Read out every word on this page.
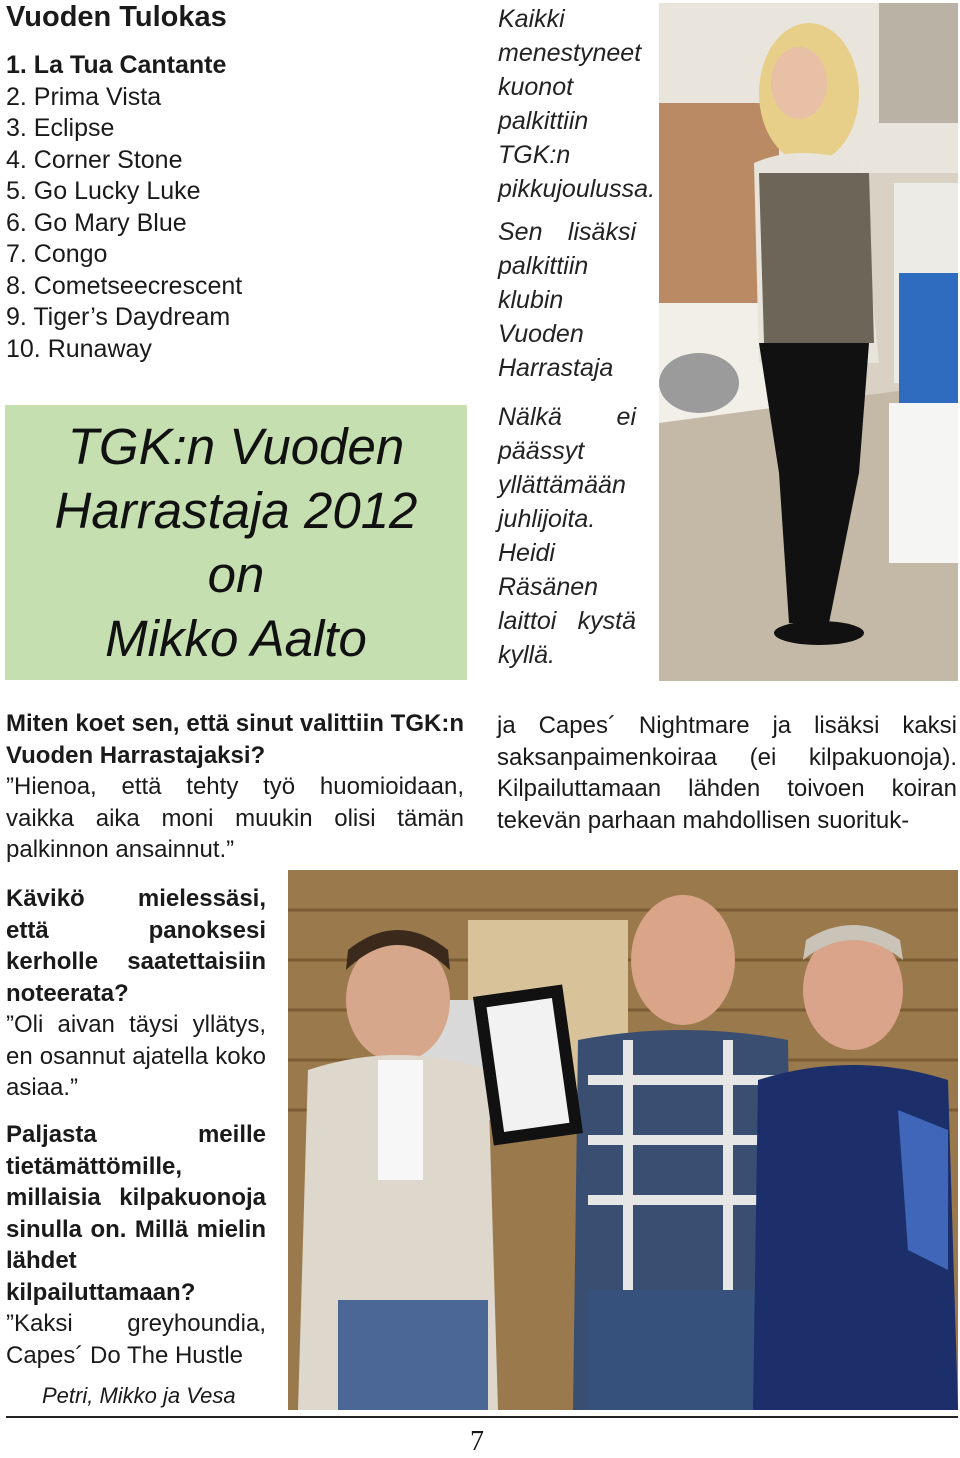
Vuoden Tulokas
1. La Tua Cantante
2. Prima Vista
3. Eclipse
4. Corner Stone
5. Go Lucky Luke
6. Go Mary Blue
7. Congo
8. Cometseecrescent
9. Tiger’s Daydream
10. Runaway
TGK:n Vuoden
Harrastaja 2012
on
Mikko Aalto
Kaikki menestyneet kuonot palkittiin TGK:n pikkujoulussa.
Sen lisäksi palkittiin klubin Vuoden Harrastaja
Nälkä ei päässyt yllättämään juhlijoita. Heidi Räsänen laittoi kystä kyllä.
Miten koet sen, että sinut valittiin TGK:n Vuoden Harrastajaksi?
”Hienoa, että tehty työ huomioidaan, vaikka aika moni muukin olisi tämän palkinnon ansainnut.”
ja Capes´ Nightmare ja lisäksi kaksi saksanpaimenkoiraa (ei kilpakuonoja). Kilpailuttamaan lähden toivoen koiran tekevän parhaan mahdollisen suorituk-
Kävikö mielessäsi, että panoksesi kerholle saatettaisiin noteerata?
”Oli aivan täysi yllätys, en osannut ajatella koko asiaa.”
Paljasta meille tietämättömille, millaisia kilpakuonoja sinulla on. Millä mielin lähdet kilpailuttamaan?
”Kaksi greyhoundia, Capes´ Do The Hustle
Petri, Mikko ja Vesa
7
